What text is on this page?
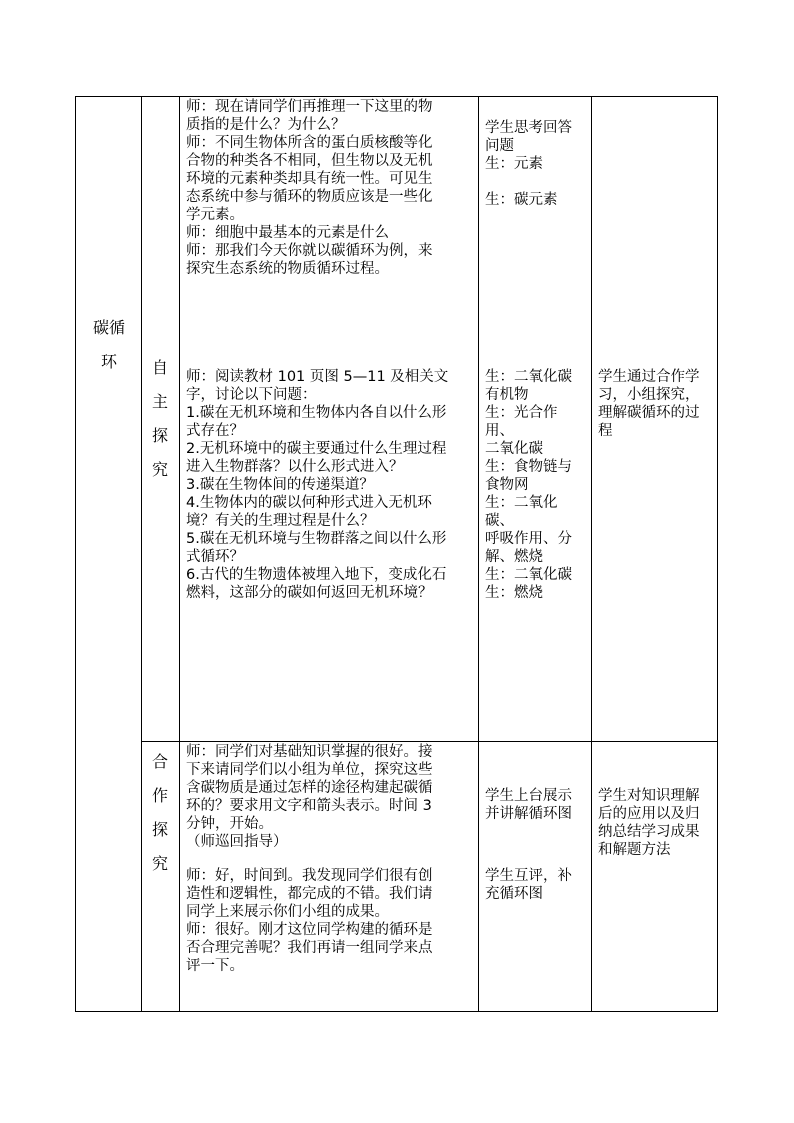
碳循
环	自
主
探
究
师：现在请同学们再推理一下这里的物
质指的是什么？为什么？
师：不同生物体所含的蛋白质核酸等化
合物的种类各不相同，但生物以及无机
环境的元素种类却具有统一性。可见生
态系统中参与循环的物质应该是一些化
学元素。
师：细胞中最基本的元素是什么
师：那我们今天你就以碳循环为例，来
探究生态系统的物质循环过程。
师：阅读教材 101 页图 5—11 及相关文
字，讨论以下问题：
1.碳在无机环境和生物体内各自以什么形
式存在？
2.无机环境中的碳主要通过什么生理过程
进入生物群落？以什么形式进入？
3.碳在生物体间的传递渠道？
4.生物体内的碳以何种形式进入无机环
境？有关的生理过程是什么？
5.碳在无机环境与生物群落之间以什么形
式循环？
6.古代的生物遗体被埋入地下，变成化石
燃料，这部分的碳如何返回无机环境？
学生思考回答
问题
生：元素
生：碳元素
生：二氧化碳
有机物
生：光合作
用、
二氧化碳
生：食物链与
食物网
生：二氧化
碳、
呼吸作用、分
解、燃烧
生：二氧化碳
生：燃烧
学生通过合作学
习，小组探究，
理解碳循环的过
程
合
作
探
究
师：同学们对基础知识掌握的很好。接
下来请同学们以小组为单位，探究这些
含碳物质是通过怎样的途径构建起碳循
环的？要求用文字和箭头表示。时间 3
分钟，开始。
（师巡回指导）
师：好，时间到。我发现同学们很有创
造性和逻辑性，都完成的不错。我们请
同学上来展示你们小组的成果。
师：很好。刚才这位同学构建的循环是
否合理完善呢？我们再请一组同学来点
评一下。
学生上台展示
并讲解循环图
学生互评，补
充循环图
学生对知识理解
后的应用以及归
纳总结学习成果
和解题方法
